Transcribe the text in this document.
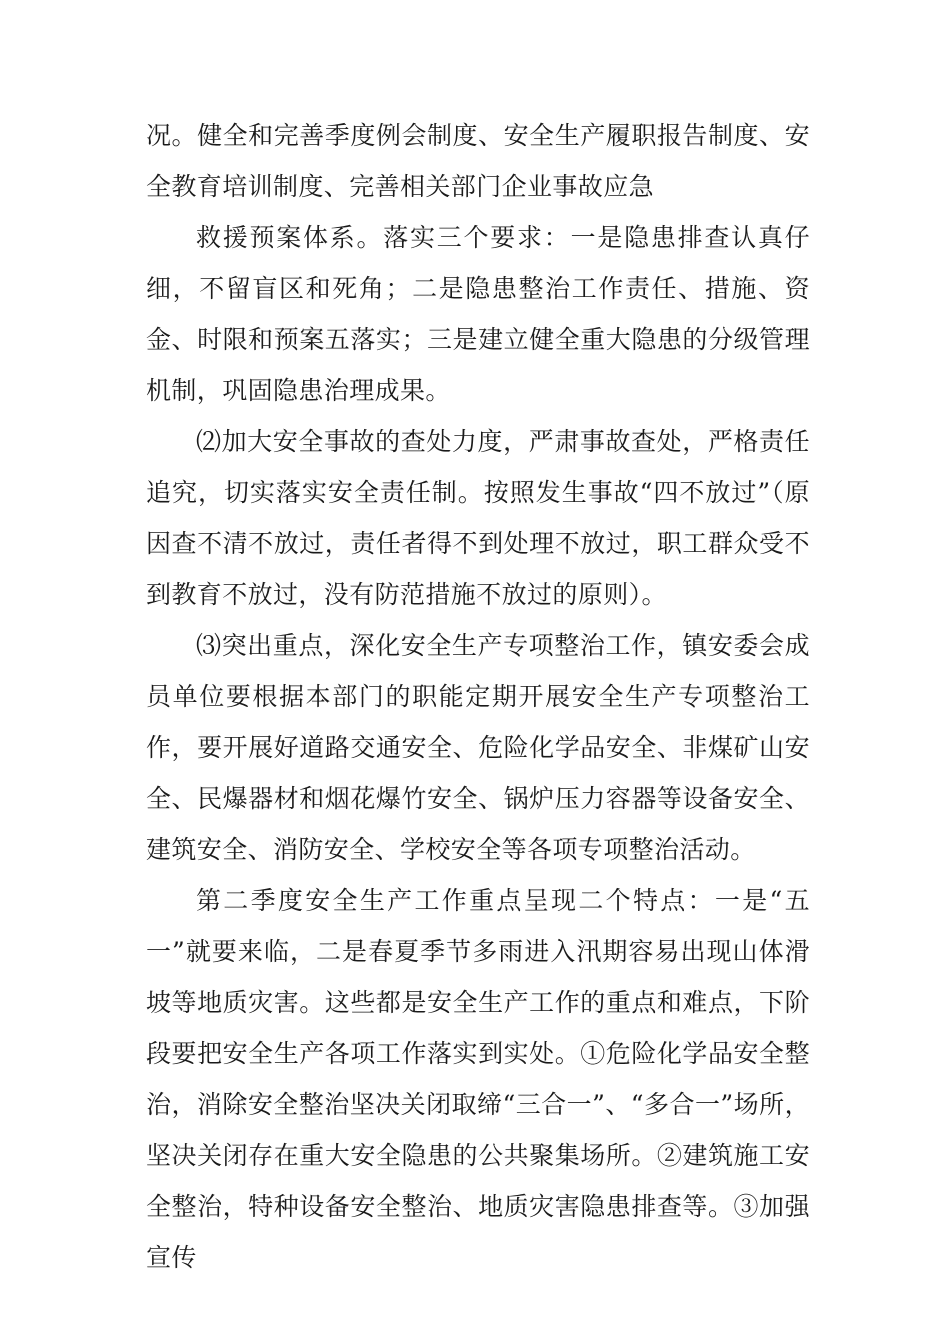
况。健全和完善季度例会制度、安全生产履职报告制度、安全教育培训制度、完善相关部门企业事故应急

救援预案体系。落实三个要求：一是隐患排查认真仔细，不留盲区和死角；二是隐患整治工作责任、措施、资金、时限和预案五落实；三是建立健全重大隐患的分级管理机制，巩固隐患治理成果。

⑵加大安全事故的查处力度，严肃事故查处，严格责任追究，切实落实安全责任制。按照发生事故“四不放过”（原因查不清不放过，责任者得不到处理不放过，职工群众受不到教育不放过，没有防范措施不放过的原则）。

⑶突出重点，深化安全生产专项整治工作，镇安委会成员单位要根据本部门的职能定期开展安全生产专项整治工作，要开展好道路交通安全、危险化学品安全、非煤矿山安全、民爆器材和烟花爆竹安全、锅炉压力容器等设备安全、建筑安全、消防安全、学校安全等各项专项整治活动。

第二季度安全生产工作重点呈现二个特点：一是“五一”就要来临，二是春夏季节多雨进入汛期容易出现山体滑坡等地质灾害。这些都是安全生产工作的重点和难点，下阶段要把安全生产各项工作落实到实处。①危险化学品安全整治，消除安全整治坚决关闭取缔“三合一”、“多合一”场所，坚决关闭存在重大安全隐患的公共聚集场所。②建筑施工安全整治，特种设备安全整治、地质灾害隐患排查等。③加强宣传
